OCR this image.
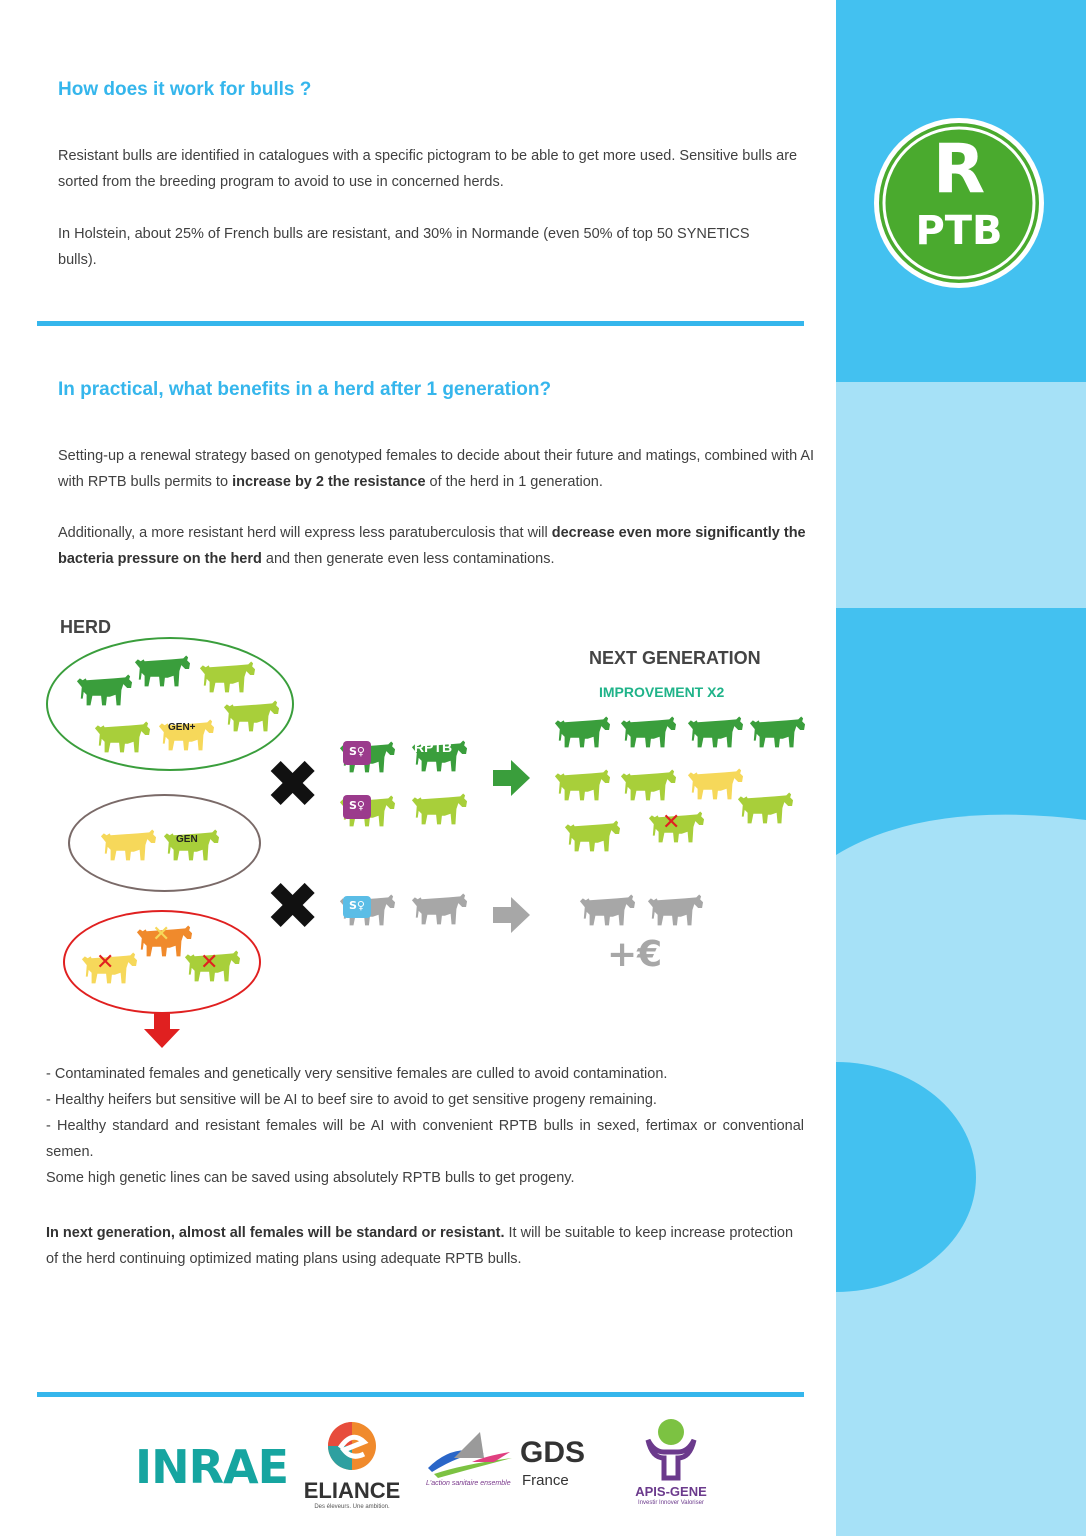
R
PTB
How does it work for bulls ?
Resistant bulls are identified in catalogues with a specific pictogram to be able to get more used. Sensitive bulls are sorted from the breeding program to avoid to use in concerned herds.
In Holstein, about 25% of French bulls are resistant, and 30% in Normande (even 50% of top 50 SYNETICS bulls).
In practical, what benefits in a herd after 1 generation?
Setting-up a renewal strategy based on genotyped females to decide about their future and matings, combined with AI with RPTB bulls permits to increase by 2 the resistance of the herd in 1 generation.
Additionally, a more resistant herd will express less paratuberculosis that will decrease even more significantly the bacteria pressure on the herd and then generate even less contaminations.
HERD
GEN+
GEN
✕
✕
✕
✖
✖
S♀	RPTB
S♀
S♀
NEXT GENERATION
IMPROVEMENT X2
✕
+€
- Contaminated females and genetically very sensitive females are culled to avoid contamination.
- Healthy heifers but sensitive will be AI to beef sire to avoid to get sensitive progeny remaining.
- Healthy standard and resistant females will be AI with convenient RPTB bulls in sexed, fertimax or conventional semen.
Some high genetic lines can be saved using absolutely RPTB bulls to get progeny.
In next generation, almost all females will be standard or resistant. It will be suitable to keep increase protection of the herd continuing optimized mating plans using adequate RPTB bulls.
INRAE ELIANCE
Des éleveurs. Une ambition.
GDS
France
L'action sanitaire ensemble
APIS-GENE
Investir Innover Valoriser
